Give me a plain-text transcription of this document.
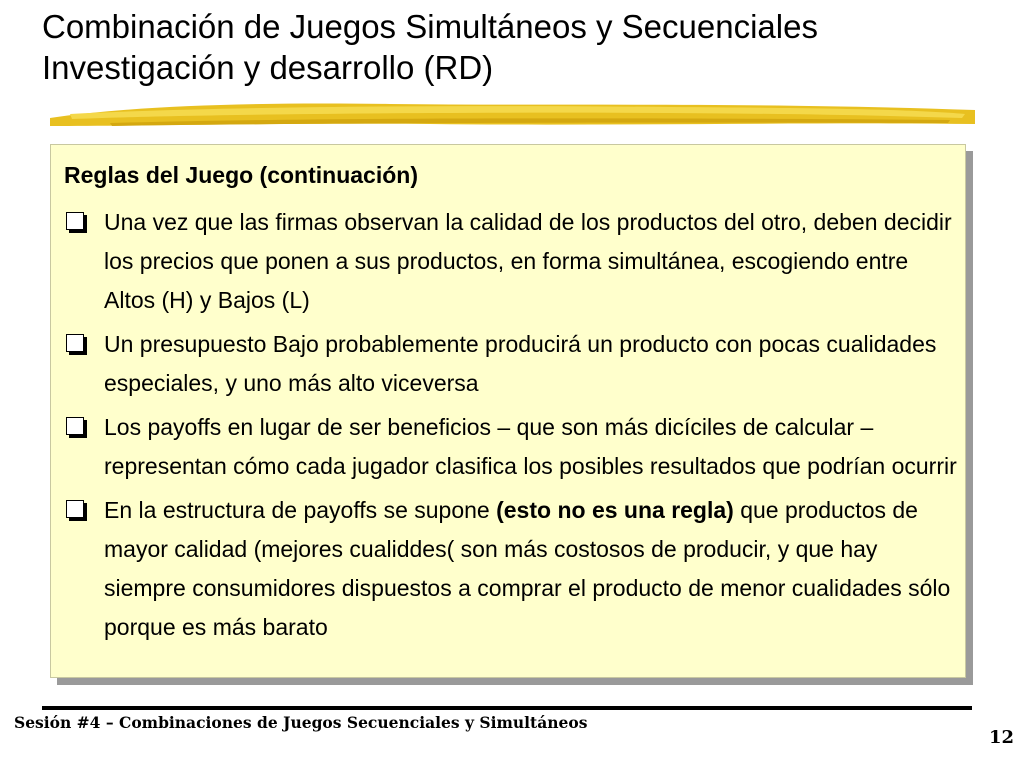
Combinación de Juegos Simultáneos y Secuenciales
Investigación y desarrollo (RD)
Reglas del Juego (continuación)
Una vez que las firmas observan la calidad de los productos del otro, deben decidir los precios que ponen a sus productos, en forma simultánea, escogiendo entre Altos (H) y Bajos (L)
Un presupuesto Bajo probablemente producirá un producto con pocas cualidades especiales, y uno más alto viceversa
Los payoffs en lugar de ser beneficios – que son más dicíciles de calcular – representan cómo cada jugador clasifica los posibles resultados que podrían ocurrir
En la estructura de payoffs se supone (esto no es una regla) que productos de mayor calidad (mejores cualiddes( son más costosos de producir, y que hay siempre consumidores dispuestos a comprar el producto de menor cualidades sólo porque es más barato
Sesión #4 – Combinaciones de Juegos Secuenciales y Simultáneos
12
